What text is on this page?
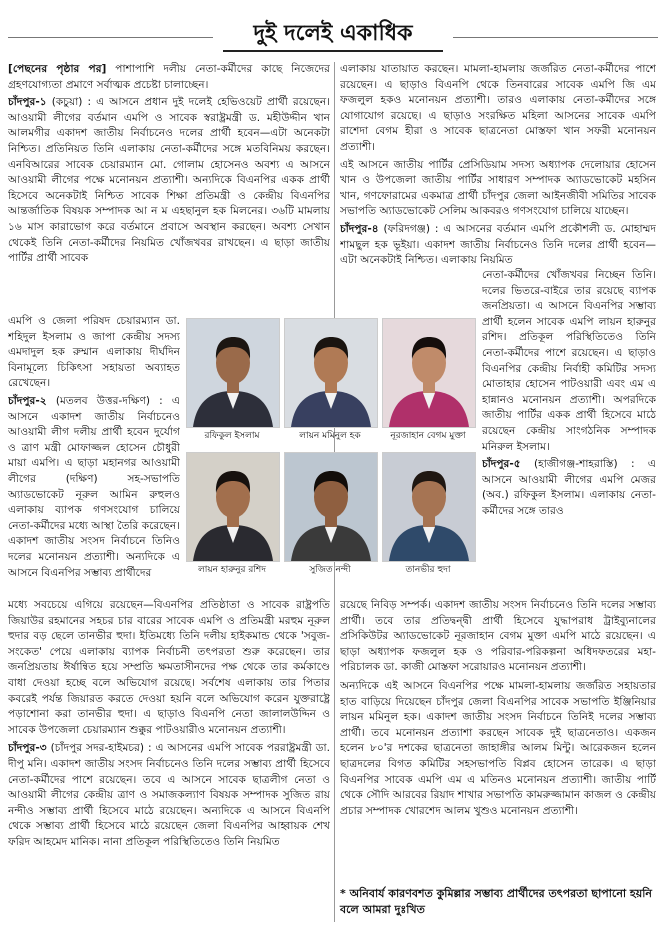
দুই দলেই একাধিক

[পেছনের পৃষ্ঠার পর] পাশাপাশি দলীয় নেতা-কর্মীদের কাছে নিজেদের গ্রহণযোগ্যতা প্রমাণে সর্বাত্মক প্রচেষ্টা চালাচ্ছেন।

চাঁদপুর-১ (কচুয়া) : এ আসনে প্রধান দুই দলেই হেভিওয়েট প্রার্থী রয়েছেন। আওয়ামী লীগের বর্তমান এমপি ও সাবেক স্বরাষ্ট্রমন্ত্রী ড. মহীউদ্দীন খান আলমগীর একাদশ জাতীয় নির্বাচনেও দলের প্রার্থী হবেন—এটা অনেকটা নিশ্চিত। প্রতিনিয়ত তিনি এলাকায় নেতা-কর্মীদের সঙ্গে মতবিনিময় করছেন। এনবিআরের সাবেক চেয়ারম্যান মো. গোলাম হোসেনও অবশ্য এ আসনে আওয়ামী লীগের পক্ষে মনোনয়ন প্রত্যাশী। অন্যদিকে বিএনপির একক প্রার্থী হিসেবে অনেকটাই নিশ্চিত সাবেক শিক্ষা প্রতিমন্ত্রী ও কেন্দ্রীয় বিএনপির আন্তর্জাতিক বিষয়ক সম্পাদক আ ন ম এহছানুল হক মিলনের। ৩৬টি মামলায় ১৬ মাস কারাভোগ করে বর্তমানে প্রবাসে অবস্থান করছেন। অবশ্য সেখান থেকেই তিনি নেতা-কর্মীদের নিয়মিত খোঁজখবর রাখছেন। এ ছাড়া জাতীয় পার্টির প্রার্থী সাবেক

এমপি ও জেলা পরিষদ চেয়ারম্যান ডা. শহিদুল ইসলাম ও জাপা কেন্দ্রীয় সদস্য এমদাদুল হক রুম্মান এলাকায় দীর্ঘদিন বিনামূল্যে চিকিৎসা সহায়তা অব্যাহত রেখেছেন।

চাঁদপুর-২ (মতলব উত্তর-দক্ষিণ) : এ আসনে একাদশ জাতীয় নির্বাচনেও আওয়ামী লীগ দলীয় প্রার্থী হবেন দুর্যোগ ও ত্রাণ মন্ত্রী মোফাজ্জল হোসেন চৌধুরী মায়া এমপি। এ ছাড়া মহানগর আওয়ামী লীগের (দক্ষিণ) সহ-সভাপতি অ্যাডভোকেট নূরুল আমিন রুহুলও এলাকায় ব্যাপক গণসংযোগ চালিয়ে নেতা-কর্মীদের মধ্যে আস্থা তৈরি করেছেন। একাদশ জাতীয় সংসদ নির্বাচনে তিনিও দলের মনোনয়ন প্রত্যাশী। অন্যদিকে এ আসনে বিএনপির সম্ভাব্য প্রার্থীদের

মধ্যে সবচেয়ে এগিয়ে রয়েছেন—বিএনপির প্রতিষ্ঠাতা ও সাবেক রাষ্ট্রপতি জিয়াউর রহমানের সহচর চার বারের সাবেক এমপি ও প্রতিমন্ত্রী মরহুম নূরুল হুদার বড় ছেলে তানভীর হুদা। ইতিমধ্যে তিনি দলীয় হাইকমান্ড থেকে 'সবুজ-সংকেত' পেয়ে এলাকায় ব্যাপক নির্বাচনী তৎপরতা শুরু করেছেন। তার জনপ্রিয়তায় ঈর্ষান্বিত হয়ে সম্প্রতি ক্ষমতাসীনদের পক্ষ থেকে তার কর্মকাণ্ডে বাধা দেওয়া হচ্ছে বলে অভিযোগ রয়েছে। সর্বশেষ এলাকায় তার পিতার কবরেই পর্যন্ত জিয়ারত করতে দেওয়া হয়নি বলে অভিযোগ করেন যুক্তরাষ্ট্রে পড়াশোনা করা তানভীর হুদা। এ ছাড়াও বিএনপি নেতা জালালউদ্দিন ও সাবেক উপজেলা চেয়ারম্যান শুক্কুর পাটওয়ারীও মনোনয়ন প্রত্যাশী।

চাঁদপুর-৩ (চাঁদপুর সদর-হাইমচর) : এ আসনের এমপি সাবেক পররাষ্ট্রমন্ত্রী ডা. দীপু মনি। একাদশ জাতীয় সংসদ নির্বাচনেও তিনি দলের সম্ভাব্য প্রার্থী হিসেবে নেতা-কর্মীদের পাশে রয়েছেন। তবে এ আসনে সাবেক ছাত্রলীগ নেতা ও আওয়ামী লীগের কেন্দ্রীয় ত্রাণ ও সমাজকল্যাণ বিষয়ক সম্পাদক সুজিত রায় নন্দীও সম্ভাব্য প্রার্থী হিসেবে মাঠে রয়েছেন। অন্যদিকে এ আসনে বিএনপি থেকে সম্ভাব্য প্রার্থী হিসেবে মাঠে রয়েছেন জেলা বিএনপির আহ্বায়ক শেখ ফরিদ আহমেদ মানিক। নানা প্রতিকূল পরিস্থিতিতেও তিনি নিয়মিত

এলাকায় যাতায়াত করছেন। মামলা-হামলায় জর্জরিত নেতা-কর্মীদের পাশে রয়েছেন। এ ছাড়াও বিএনপি থেকে তিনবারের সাবেক এমপি জি এম ফজলুল হকও মনোনয়ন প্রত্যাশী। তারও এলাকায় নেতা-কর্মীদের সঙ্গে যোগাযোগ রয়েছে। এ ছাড়াও সংরক্ষিত মহিলা আসনের সাবেক এমপি রাশেদা বেগম হীরা ও সাবেক ছাত্রনেতা মোস্তফা খান সফরী মনোনয়ন প্রত্যাশী।

এই আসনে জাতীয় পার্টির প্রেসিডিয়াম সদস্য অধ্যাপক দেলোয়ার হোসেন খান ও উপজেলা জাতীয় পার্টির সাধারণ সম্পাদক অ্যাডভোকেট মহসিন খান, গণফোরামের একমাত্র প্রার্থী চাঁদপুর জেলা আইনজীবী সমিতির সাবেক সভাপতি অ্যাডভোকেট সেলিম আকবরও গণসংযোগ চালিয়ে যাচ্ছেন।

চাঁদপুর-৪ (ফরিদগঞ্জ) : এ আসনের বর্তমান এমপি প্রকৌশলী ড. মোহাম্মদ শামছুল হক ভূইয়া। একাদশ জাতীয় নির্বাচনেও তিনি দলের প্রার্থী হবেন—এটা অনেকটাই নিশ্চিত। এলাকায় নিয়মিত

নেতা-কর্মীদের খোঁজখবর নিচ্ছেন তিনি। দলের ভিতরে-বাইরে তার রয়েছে ব্যাপক জনপ্রিয়তা। এ আসনে বিএনপির সম্ভাব্য প্রার্থী হলেন সাবেক এমপি লায়ন হারুনুর রশিদ। প্রতিকূল পরিস্থিতিতেও তিনি নেতা-কর্মীদের পাশে রয়েছেন। এ ছাড়াও বিএনপির কেন্দ্রীয় নির্বাহী কমিটির সদস্য মোতাহার হোসেন পাটওয়ারী এবং এম এ হান্নানও মনোনয়ন প্রত্যাশী। অপরদিকে জাতীয় পার্টির একক প্রার্থী হিসেবে মাঠে রয়েছেন কেন্দ্রীয় সাংগঠনিক সম্পাদক মনিরুল ইসলাম।

চাঁদপুর-৫ (হাজীগঞ্জ-শাহরাস্তি) : এ আসনে আওয়ামী লীগের এমপি মেজর (অব.) রফিকুল ইসলাম। এলাকায় নেতা-কর্মীদের সঙ্গে তারও

রয়েছে নিবিড় সম্পর্ক। একাদশ জাতীয় সংসদ নির্বাচনেও তিনি দলের সম্ভাব্য প্রার্থী। তবে তার প্রতিদ্বন্দ্বী প্রার্থী হিসেবে যুদ্ধাপরাধ ট্রাইব্যুনালের প্রসিকিউটর অ্যাডভোকেট নূরজাহান বেগম মুক্তা এমপি মাঠে রয়েছেন। এ ছাড়া অধ্যাপক ফজলুল হক ও পরিবার-পরিকল্পনা অধিদফতরের মহা-পরিচালক ডা. কাজী মোস্তফা সরোয়ারও মনোনয়ন প্রত্যাশী।

অন্যদিকে এই আসনে বিএনপির পক্ষে মামলা-হামলায় জর্জরিত সহায়তার হাত বাড়িয়ে দিয়েছেন চাঁদপুর জেলা বিএনপির সাবেক সভাপতি ইঞ্জিনিয়ার লায়ন মমিনুল হক। একাদশ জাতীয় সংসদ নির্বাচনে তিনিই দলের সম্ভাব্য প্রার্থী। তবে মনোনয়ন প্রত্যাশা করছেন সাবেক দুই ছাত্রনেতাও। একজন হলেন ৮০'র দশকের ছাত্রনেতা জাহাঙ্গীর আলম মিন্টু। আরেকজন হলেন ছাত্রদলের বিগত কমিটির সহসভাপতি বিপ্লব হোসেন তারেক। এ ছাড়া বিএনপির সাবেক এমপি এম এ মতিনও মনোনয়ন প্রত্যাশী। জাতীয় পার্টি থেকে সৌদি আরবের রিয়াদ শাখার সভাপতি কামরুজ্জামান কাজল ও কেন্দ্রীয় প্রচার সম্পাদক খোরশেদ আলম খুশুও মনোনয়ন প্রত্যাশী।

* অনিবার্য কারণবশত কুমিল্লার সম্ভাব্য প্রার্থীদের তৎপরতা ছাপানো হয়নি বলে আমরা দুঃখিত
রফিকুল ইসলাম	লায়ন মমিনুল হক	নূরজাহান বেগম মুক্তা
লায়ন হারুনুর রশিদ	সুজিত নন্দী	তানভীর হুদা
